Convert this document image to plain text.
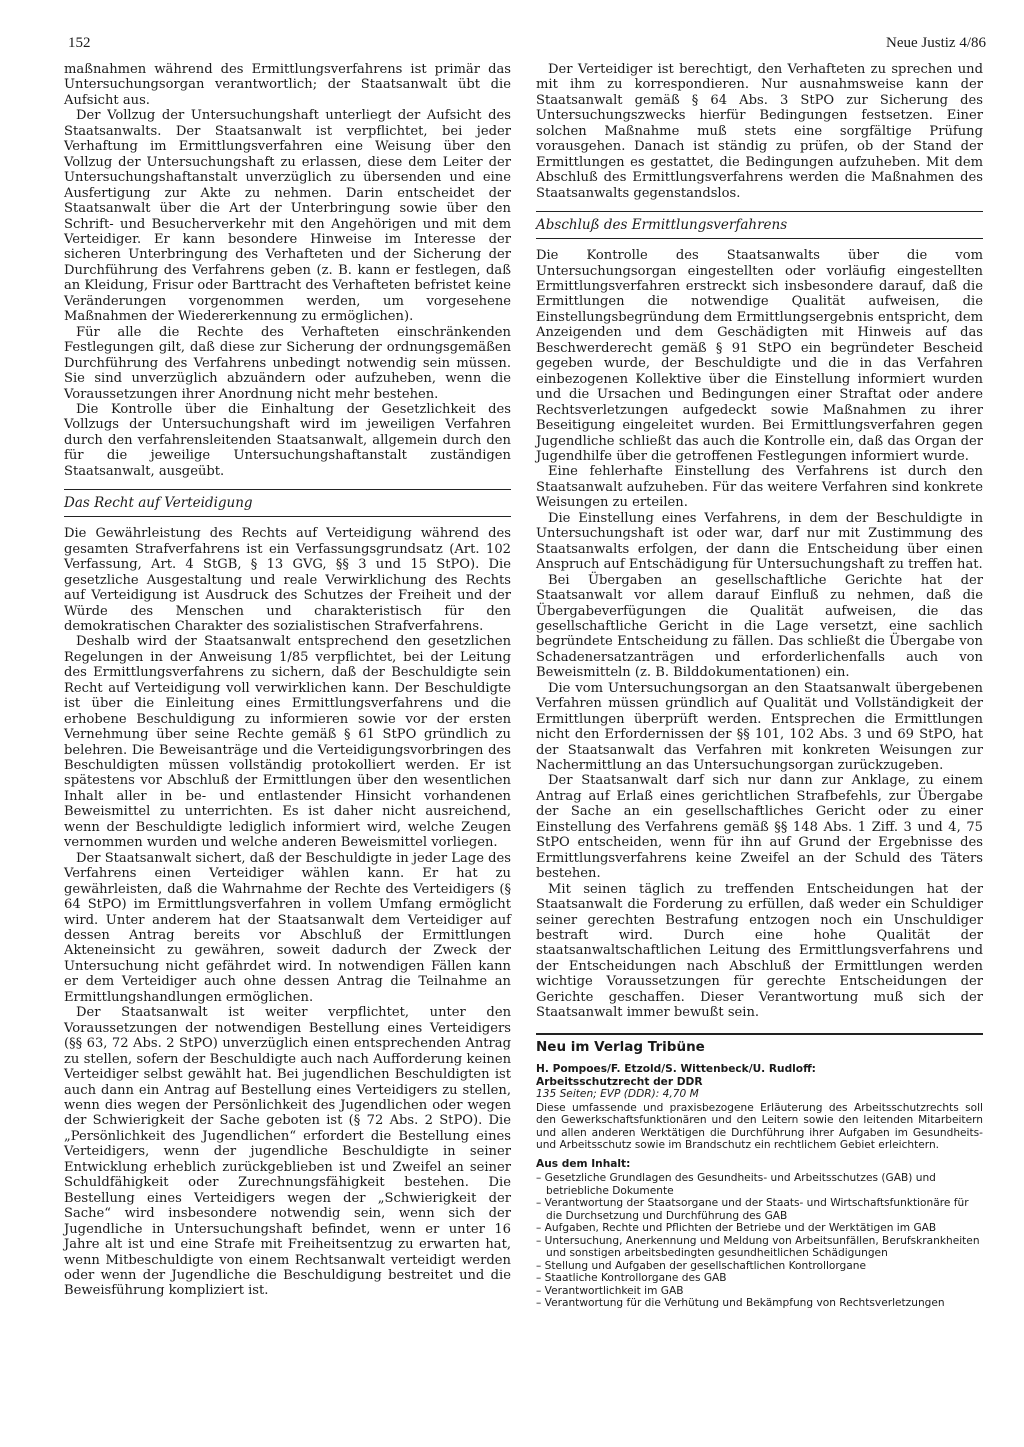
152	Neue Justiz 4/86

maßnahmen während des Ermittlungsverfahrens ist primär das Untersuchungsorgan verantwortlich; der Staatsanwalt übt die Aufsicht aus.

Der Vollzug der Untersuchungshaft unterliegt der Aufsicht des Staatsanwalts. Der Staatsanwalt ist verpflichtet, bei jeder Verhaftung im Ermittlungsverfahren eine Weisung über den Vollzug der Untersuchungshaft zu erlassen, diese dem Leiter der Untersuchungshaftanstalt unverzüglich zu übersenden und eine Ausfertigung zur Akte zu nehmen. Darin entscheidet der Staatsanwalt über die Art der Unterbringung sowie über den Schrift- und Besucherverkehr mit den Angehörigen und mit dem Verteidiger. Er kann besondere Hinweise im Interesse der sicheren Unterbringung des Verhafteten und der Sicherung der Durchführung des Verfahrens geben (z. B. kann er festlegen, daß an Kleidung, Frisur oder Barttracht des Verhafteten befristet keine Veränderungen vorgenommen werden, um vorgesehene Maßnahmen der Wiedererkennung zu ermöglichen).

Für alle die Rechte des Verhafteten einschränkenden Festlegungen gilt, daß diese zur Sicherung der ordnungsgemäßen Durchführung des Verfahrens unbedingt notwendig sein müssen. Sie sind unverzüglich abzuändern oder aufzuheben, wenn die Voraussetzungen ihrer Anordnung nicht mehr bestehen.

Die Kontrolle über die Einhaltung der Gesetzlichkeit des Vollzugs der Untersuchungshaft wird im jeweiligen Verfahren durch den verfahrensleitenden Staatsanwalt, allgemein durch den für die jeweilige Untersuchungshaftanstalt zuständigen Staatsanwalt, ausgeübt.

Das Recht auf Verteidigung

Die Gewährleistung des Rechts auf Verteidigung während des gesamten Strafverfahrens ist ein Verfassungsgrundsatz (Art. 102 Verfassung, Art. 4 StGB, § 13 GVG, §§ 3 und 15 StPO). Die gesetzliche Ausgestaltung und reale Verwirklichung des Rechts auf Verteidigung ist Ausdruck des Schutzes der Freiheit und der Würde des Menschen und charakteristisch für den demokratischen Charakter des sozialistischen Strafverfahrens.

Deshalb wird der Staatsanwalt entsprechend den gesetzlichen Regelungen in der Anweisung 1/85 verpflichtet, bei der Leitung des Ermittlungsverfahrens zu sichern, daß der Beschuldigte sein Recht auf Verteidigung voll verwirklichen kann. Der Beschuldigte ist über die Einleitung eines Ermittlungsverfahrens und die erhobene Beschuldigung zu informieren sowie vor der ersten Vernehmung über seine Rechte gemäß § 61 StPO gründlich zu belehren. Die Beweisanträge und die Verteidigungsvorbringen des Beschuldigten müssen vollständig protokolliert werden. Er ist spätestens vor Abschluß der Ermittlungen über den wesentlichen Inhalt aller in be- und entlastender Hinsicht vorhandenen Beweismittel zu unterrichten. Es ist daher nicht ausreichend, wenn der Beschuldigte lediglich informiert wird, welche Zeugen vernommen wurden und welche anderen Beweismittel vorliegen.

Der Staatsanwalt sichert, daß der Beschuldigte in jeder Lage des Verfahrens einen Verteidiger wählen kann. Er hat zu gewährleisten, daß die Wahrnahme der Rechte des Verteidigers (§ 64 StPO) im Ermittlungsverfahren in vollem Umfang ermöglicht wird. Unter anderem hat der Staatsanwalt dem Verteidiger auf dessen Antrag bereits vor Abschluß der Ermittlungen Akteneinsicht zu gewähren, soweit dadurch der Zweck der Untersuchung nicht gefährdet wird. In notwendigen Fällen kann er dem Verteidiger auch ohne dessen Antrag die Teilnahme an Ermittlungshandlungen ermöglichen.

Der Staatsanwalt ist weiter verpflichtet, unter den Voraussetzungen der notwendigen Bestellung eines Verteidigers (§§ 63, 72 Abs. 2 StPO) unverzüglich einen entsprechenden Antrag zu stellen, sofern der Beschuldigte auch nach Aufforderung keinen Verteidiger selbst gewählt hat. Bei jugendlichen Beschuldigten ist auch dann ein Antrag auf Bestellung eines Verteidigers zu stellen, wenn dies wegen der Persönlichkeit des Jugendlichen oder wegen der Schwierigkeit der Sache geboten ist (§ 72 Abs. 2 StPO). Die „Persönlichkeit des Jugendlichen“ erfordert die Bestellung eines Verteidigers, wenn der jugendliche Beschuldigte in seiner Entwicklung erheblich zurückgeblieben ist und Zweifel an seiner Schuldfähigkeit oder Zurechnungsfähigkeit bestehen. Die Bestellung eines Verteidigers wegen der „Schwierigkeit der Sache“ wird insbesondere notwendig sein, wenn sich der Jugendliche in Untersuchungshaft befindet, wenn er unter 16 Jahre alt ist und eine Strafe mit Freiheitsentzug zu erwarten hat, wenn Mitbeschuldigte von einem Rechtsanwalt verteidigt werden oder wenn der Jugendliche die Beschuldigung bestreitet und die Beweisführung kompliziert ist.

Der Verteidiger ist berechtigt, den Verhafteten zu sprechen und mit ihm zu korrespondieren. Nur ausnahmsweise kann der Staatsanwalt gemäß § 64 Abs. 3 StPO zur Sicherung des Untersuchungszwecks hierfür Bedingungen festsetzen. Einer solchen Maßnahme muß stets eine sorgfältige Prüfung vorausgehen. Danach ist ständig zu prüfen, ob der Stand der Ermittlungen es gestattet, die Bedingungen aufzuheben. Mit dem Abschluß des Ermittlungsverfahrens werden die Maßnahmen des Staatsanwalts gegenstandslos.

Abschluß des Ermittlungsverfahrens

Die Kontrolle des Staatsanwalts über die vom Untersuchungsorgan eingestellten oder vorläufig eingestellten Ermittlungsverfahren erstreckt sich insbesondere darauf, daß die Ermittlungen die notwendige Qualität aufweisen, die Einstellungsbegründung dem Ermittlungsergebnis entspricht, dem Anzeigenden und dem Geschädigten mit Hinweis auf das Beschwerderecht gemäß § 91 StPO ein begründeter Bescheid gegeben wurde, der Beschuldigte und die in das Verfahren einbezogenen Kollektive über die Einstellung informiert wurden und die Ursachen und Bedingungen einer Straftat oder andere Rechtsverletzungen aufgedeckt sowie Maßnahmen zu ihrer Beseitigung eingeleitet wurden. Bei Ermittlungsverfahren gegen Jugendliche schließt das auch die Kontrolle ein, daß das Organ der Jugendhilfe über die getroffenen Festlegungen informiert wurde.

Eine fehlerhafte Einstellung des Verfahrens ist durch den Staatsanwalt aufzuheben. Für das weitere Verfahren sind konkrete Weisungen zu erteilen.

Die Einstellung eines Verfahrens, in dem der Beschuldigte in Untersuchungshaft ist oder war, darf nur mit Zustimmung des Staatsanwalts erfolgen, der dann die Entscheidung über einen Anspruch auf Entschädigung für Untersuchungshaft zu treffen hat.

Bei Übergaben an gesellschaftliche Gerichte hat der Staatsanwalt vor allem darauf Einfluß zu nehmen, daß die Übergabeverfügungen die Qualität aufweisen, die das gesellschaftliche Gericht in die Lage versetzt, eine sachlich begründete Entscheidung zu fällen. Das schließt die Übergabe von Schadenersatzanträgen und erforderlichenfalls auch von Beweismitteln (z. B. Bilddokumentationen) ein.

Die vom Untersuchungsorgan an den Staatsanwalt übergebenen Verfahren müssen gründlich auf Qualität und Vollständigkeit der Ermittlungen überprüft werden. Entsprechen die Ermittlungen nicht den Erfordernissen der §§ 101, 102 Abs. 3 und 69 StPO, hat der Staatsanwalt das Verfahren mit konkreten Weisungen zur Nachermittlung an das Untersuchungsorgan zurückzugeben.

Der Staatsanwalt darf sich nur dann zur Anklage, zu einem Antrag auf Erlaß eines gerichtlichen Strafbefehls, zur Übergabe der Sache an ein gesellschaftliches Gericht oder zu einer Einstellung des Verfahrens gemäß §§ 148 Abs. 1 Ziff. 3 und 4, 75 StPO entscheiden, wenn für ihn auf Grund der Ergebnisse des Ermittlungsverfahrens keine Zweifel an der Schuld des Täters bestehen.

Mit seinen täglich zu treffenden Entscheidungen hat der Staatsanwalt die Forderung zu erfüllen, daß weder ein Schuldiger seiner gerechten Bestrafung entzogen noch ein Unschuldiger bestraft wird. Durch eine hohe Qualität der staatsanwaltschaftlichen Leitung des Ermittlungsverfahrens und der Entscheidungen nach Abschluß der Ermittlungen werden wichtige Voraussetzungen für gerechte Entscheidungen der Gerichte geschaffen. Dieser Verantwortung muß sich der Staatsanwalt immer bewußt sein.

Neu im Verlag Tribüne
H. Pompoes/F. Etzold/S. Wittenbeck/U. Rudloff:
Arbeitsschutzrecht der DDR
135 Seiten; EVP (DDR): 4,70 M
Diese umfassende und praxisbezogene Erläuterung des Arbeitsschutzrechts soll den Gewerkschaftsfunktionären und den Leitern sowie den leitenden Mitarbeitern und allen anderen Werktätigen die Durchführung ihrer Aufgaben im Gesundheits- und Arbeitsschutz sowie im Brandschutz ein rechtlichem Gebiet erleichtern.
Aus dem Inhalt:
– Gesetzliche Grundlagen des Gesundheits- und Arbeitsschutzes (GAB) und betriebliche Dokumente
– Verantwortung der Staatsorgane und der Staats- und Wirtschaftsfunktionäre für die Durchsetzung und Durchführung des GAB
– Aufgaben, Rechte und Pflichten der Betriebe und der Werktätigen im GAB
– Untersuchung, Anerkennung und Meldung von Arbeitsunfällen, Berufskrankheiten und sonstigen arbeitsbedingten gesundheitlichen Schädigungen
– Stellung und Aufgaben der gesellschaftlichen Kontrollorgane
– Staatliche Kontrollorgane des GAB
– Verantwortlichkeit im GAB
– Verantwortung für die Verhütung und Bekämpfung von Rechtsverletzungen
